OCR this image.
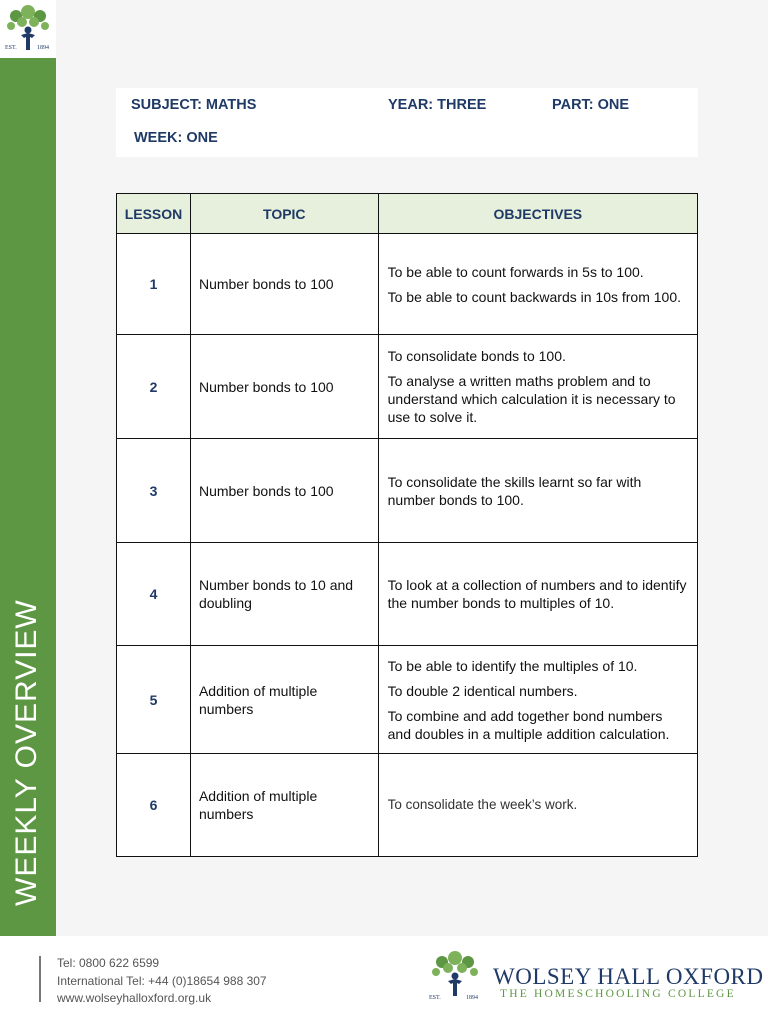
EST.	1894
WEEKLY OVERVIEW
SUBJECT: MATHS	YEAR: THREE	PART: ONE
WEEK: ONE
LESSON	TOPIC	OBJECTIVES
1	Number bonds to 100	To be able to count forwards in 5s to 100.

To be able to count backwards in 10s from 100.

2	Number bonds to 100	To consolidate bonds to 100.

To analyse a written maths problem and to understand which calculation it is necessary to use to solve it.

3	Number bonds to 100	To consolidate the skills learnt so far with number bonds to 100.

4	Number bonds to 10 and doubling	To look at a collection of numbers and to identify the number bonds to multiples of 10.

5	Addition of multiple numbers	To be able to identify the multiples of 10.

To double 2 identical numbers.

To combine and add together bond numbers and doubles in a multiple addition calculation.

6	Addition of multiple numbers	To consolidate the week’s work.

Tel: 0800 622 6599
International Tel: +44 (0)18654 988 307
www.wolseyhalloxford.org.uk	EST.	1894
WOLSEY HALL OXFORD
THE HOMESCHOOLING COLLEGE
